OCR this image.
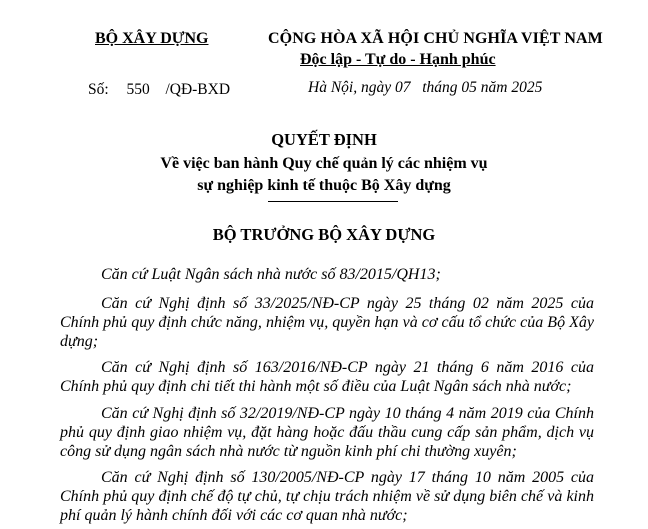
BỘ XÂY DỰNG	CỘNG HÒA XÃ HỘI CHỦ NGHĨA VIỆT NAM
Độc lập - Tự do - Hạnh phúc
Số: 550 /QĐ-BXD	Hà Nội, ngày 07 tháng 05 năm 2025
QUYẾT ĐỊNH
Về việc ban hành Quy chế quản lý các nhiệm vụ
sự nghiệp kinh tế thuộc Bộ Xây dựng
BỘ TRƯỞNG BỘ XÂY DỰNG
Căn cứ Luật Ngân sách nhà nước số 83/2015/QH13;
Căn cứ Nghị định số 33/2025/NĐ-CP ngày 25 tháng 02 năm 2025 của Chính phủ quy định chức năng, nhiệm vụ, quyền hạn và cơ cấu tổ chức của Bộ Xây dựng;
Căn cứ Nghị định số 163/2016/NĐ-CP ngày 21 tháng 6 năm 2016 của Chính phủ quy định chi tiết thi hành một số điều của Luật Ngân sách nhà nước;
Căn cứ Nghị định số 32/2019/NĐ-CP ngày 10 tháng 4 năm 2019 của Chính phủ quy định giao nhiệm vụ, đặt hàng hoặc đấu thầu cung cấp sản phẩm, dịch vụ công sử dụng ngân sách nhà nước từ nguồn kinh phí chi thường xuyên;
Căn cứ Nghị định số 130/2005/NĐ-CP ngày 17 tháng 10 năm 2005 của Chính phủ quy định chế độ tự chủ, tự chịu trách nhiệm về sử dụng biên chế và kinh phí quản lý hành chính đối với các cơ quan nhà nước;
